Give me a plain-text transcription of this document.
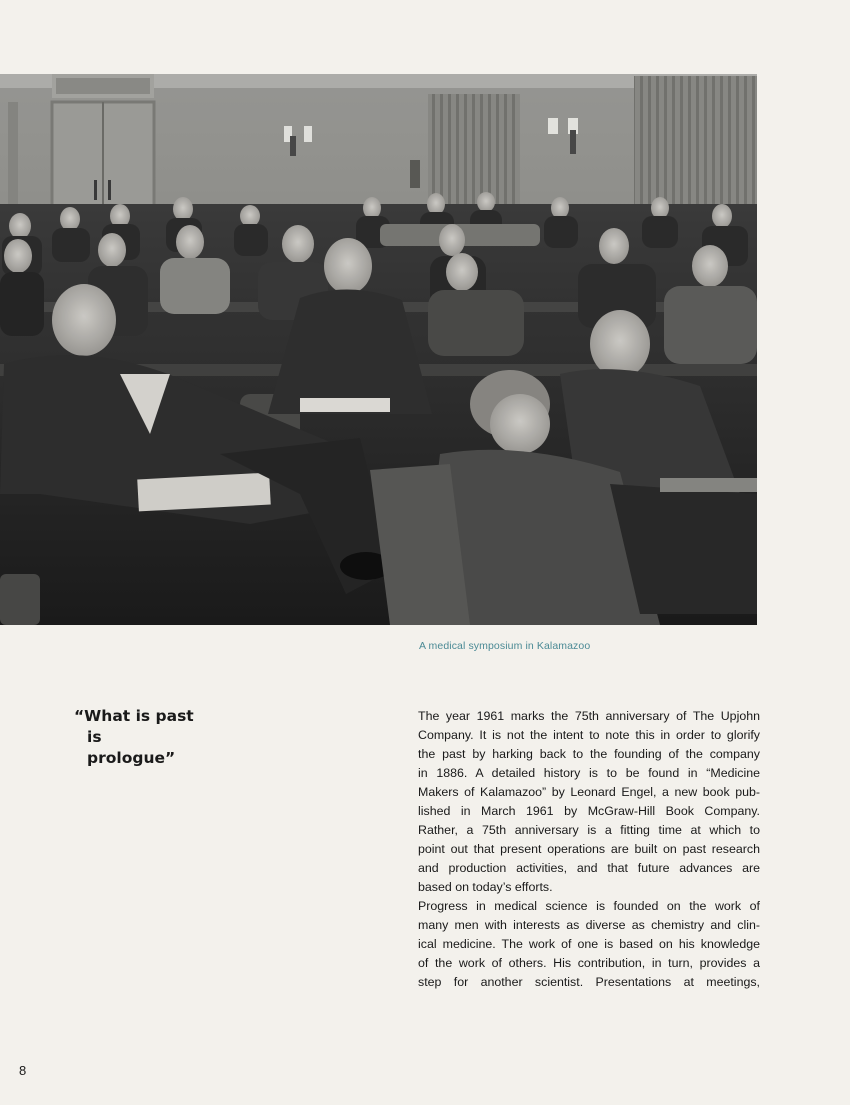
A medical symposium in Kalamazoo
“What is past
is
prologue”
The year 1961 marks the 75th anniversary of The Upjohn
Company. It is not the intent to note this in order to glorify
the past by harking back to the founding of the company
in 1886. A detailed history is to be found in “Medicine
Makers of Kalamazoo” by Leonard Engel, a new book pub-
lished in March 1961 by McGraw-Hill Book Company.
Rather, a 75th anniversary is a fitting time at which to
point out that present operations are built on past research
and production activities, and that future advances are
based on today’s efforts.
Progress in medical science is founded on the work of
many men with interests as diverse as chemistry and clin-
ical medicine. The work of one is based on his knowledge
of the work of others. His contribution, in turn, provides a
step for another scientist. Presentations at meetings,
8
